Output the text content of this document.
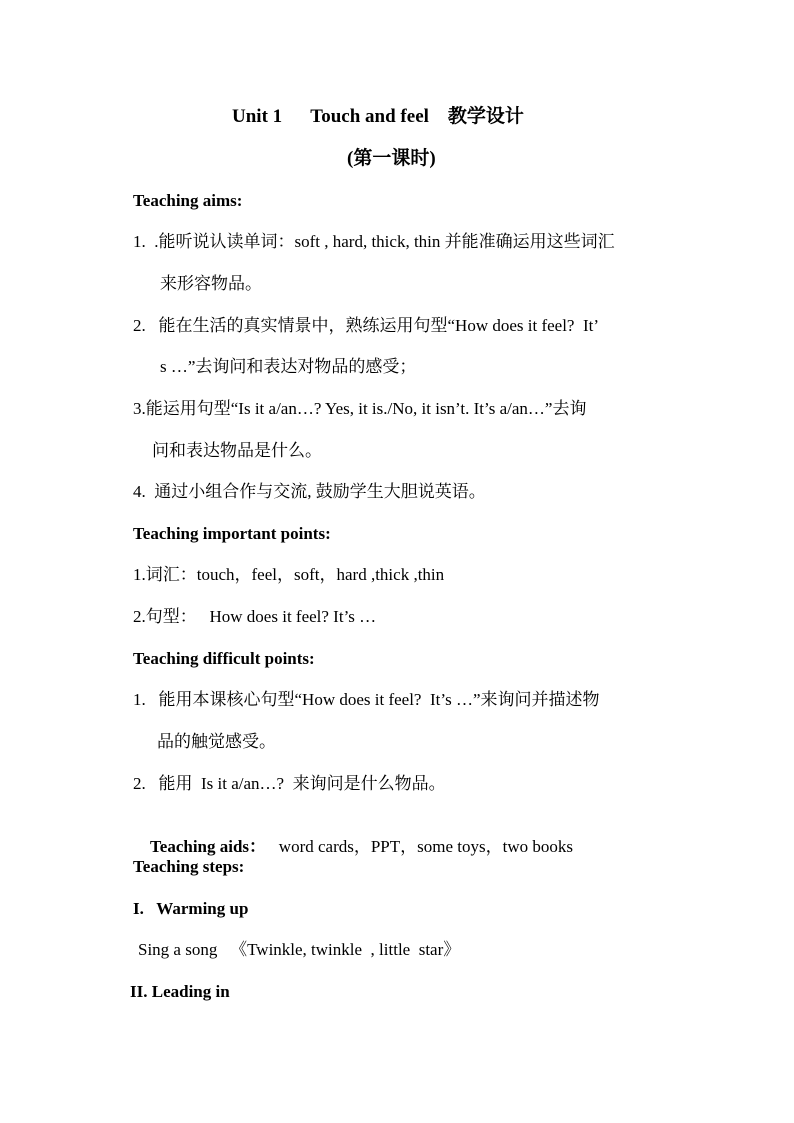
Unit 1      Touch and feel    教学设计
(第一课时)
Teaching aims:
1.  .能听说认读单词：soft , hard, thick, thin 并能准确运用这些词汇
来形容物品。
2.   能在生活的真实情景中，熟练运用句型“How does it feel?  It’
s …”去询问和表达对物品的感受；
3.能运用句型“Is it a/an…? Yes, it is./No, it isn’t. It’s a/an…”去询
问和表达物品是什么。
4.  通过小组合作与交流, 鼓励学生大胆说英语。
Teaching important points:
1.词汇：touch，feel，soft，hard ,thick ,thin
2.句型：   How does it feel? It’s …
Teaching difficult points:
1.   能用本课核心句型“How does it feel?  It’s …”来询问并描述物
品的触觉感受。
2.   能用  Is it a/an…?  来询问是什么物品。

Teaching aids： word cards，PPT，some toys，two books

Teaching steps:
I.   Warming up
Sing a song   《Twinkle, twinkle  , little  star》
II. Leading in
